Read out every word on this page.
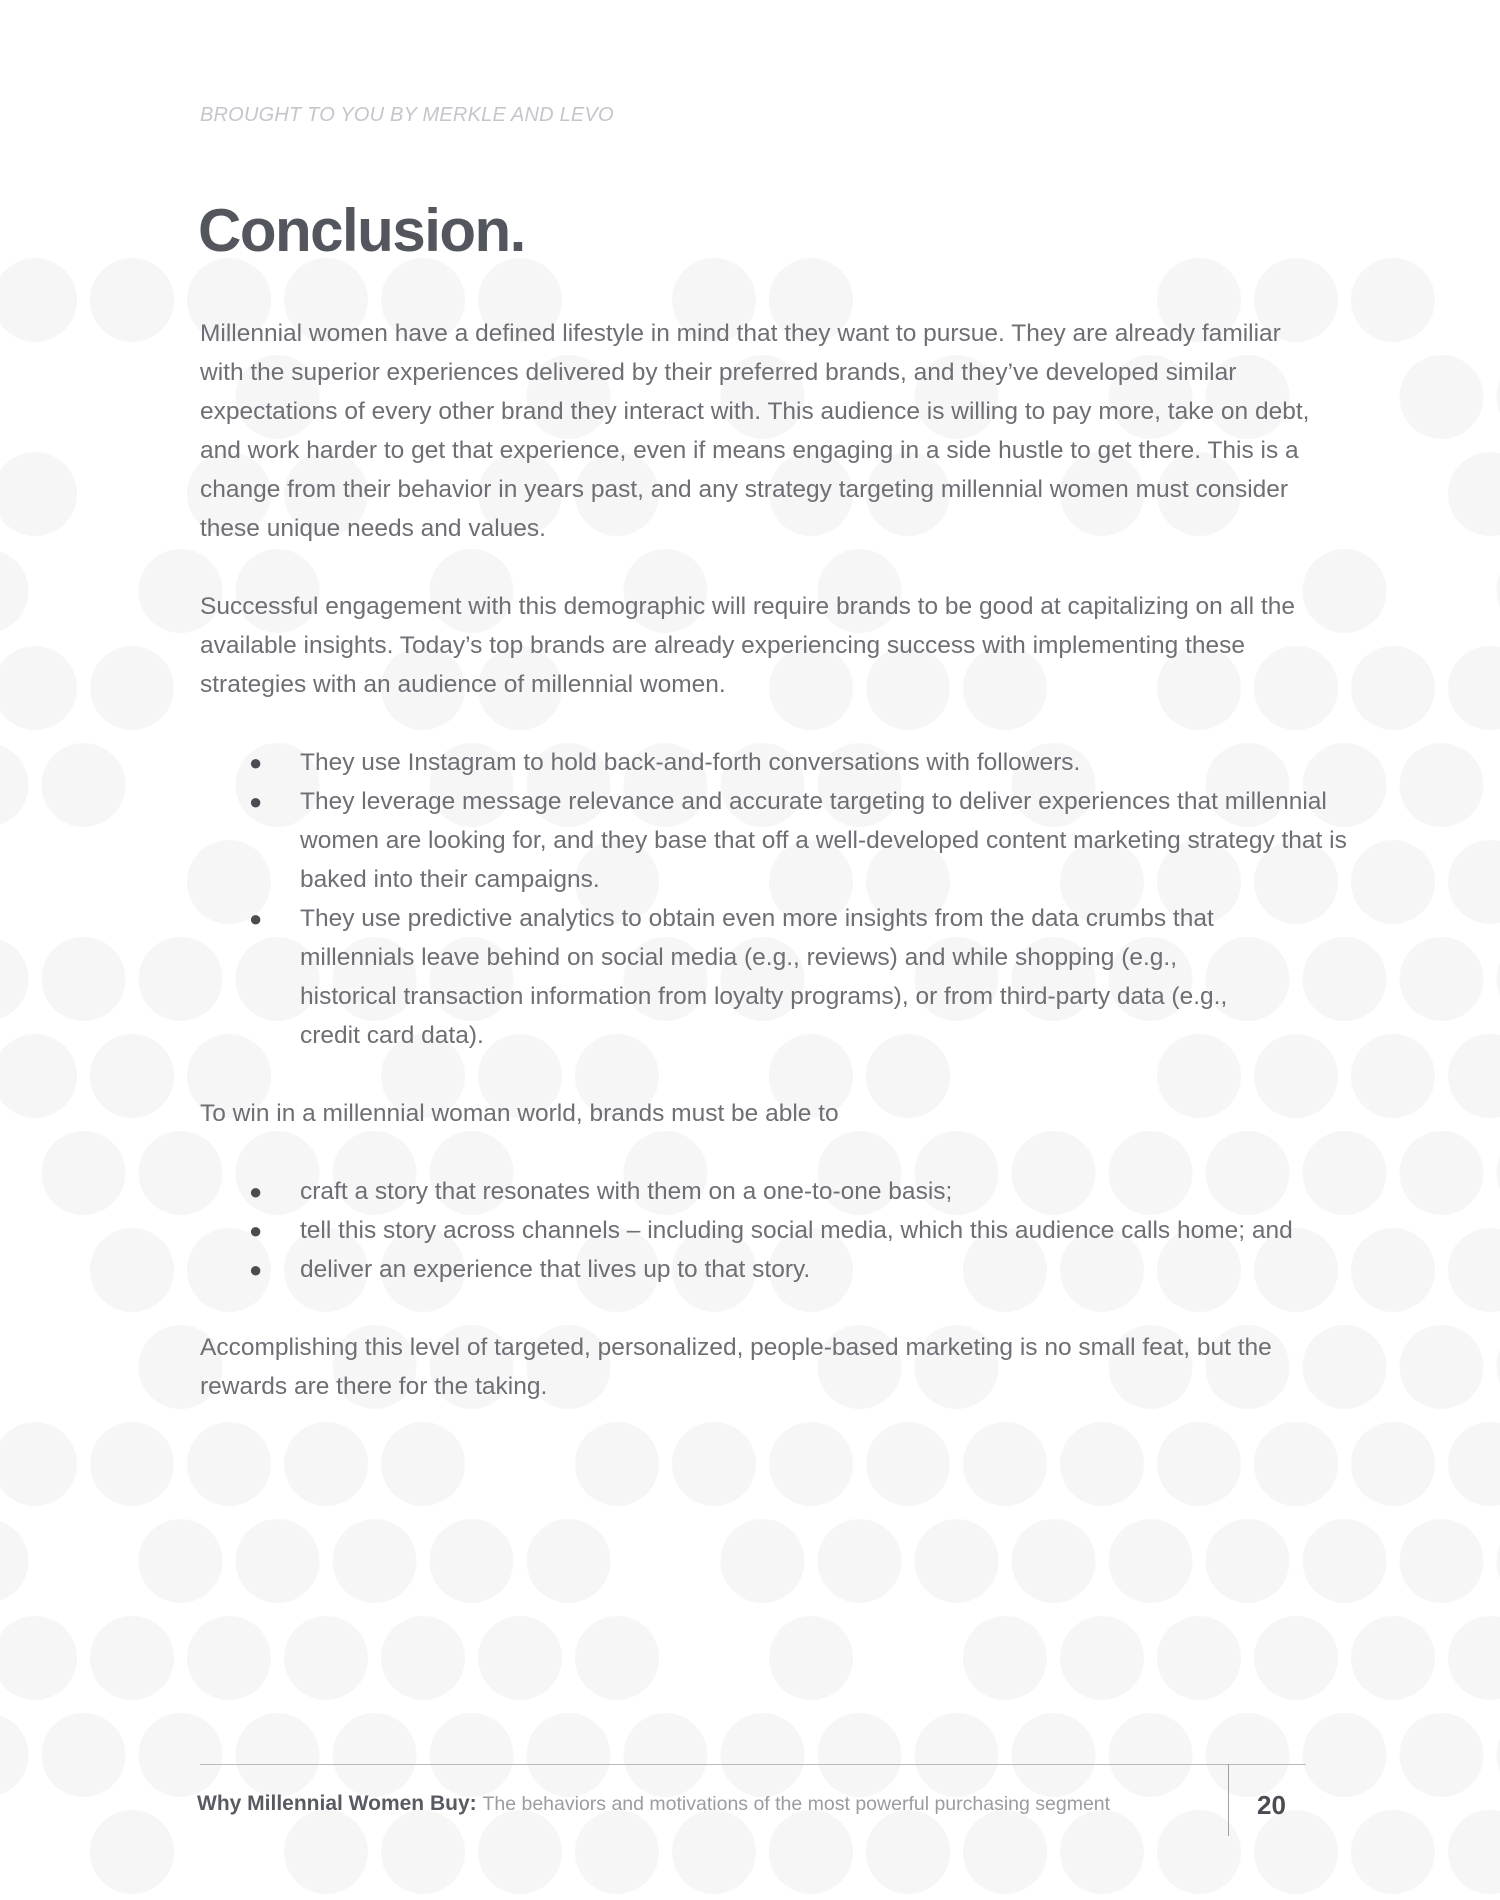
BROUGHT TO YOU BY MERKLE AND LEVO
Conclusion.

Millennial women have a defined lifestyle in mind that they want to pursue. They are already familiar with the superior experiences delivered by their preferred brands, and they’ve developed similar expectations of every other brand they interact with. This audience is willing to pay more, take on debt, and work harder to get that experience, even if means engaging in a side hustle to get there. This is a change from their behavior in years past, and any strategy targeting millennial women must consider these unique needs and values.

Successful engagement with this demographic will require brands to be good at capitalizing on all the available insights. Today’s top brands are already experiencing success with implementing these strategies with an audience of millennial women.

● They use Instagram to hold back-and-forth conversations with followers.
● They leverage message relevance and accurate targeting to deliver experiences that millennial women are looking for, and they base that off a well-developed content marketing strategy that is baked into their campaigns.
● They use predictive analytics to obtain even more insights from the data crumbs that millennials leave behind on social media (e.g., reviews) and while shopping (e.g., historical transaction information from loyalty programs), or from third-party data (e.g., credit card data).

To win in a millennial woman world, brands must be able to

● craft a story that resonates with them on a one-to-one basis;
● tell this story across channels – including social media, which this audience calls home; and
● deliver an experience that lives up to that story.

Accomplishing this level of targeted, personalized, people-based marketing is no small feat, but the rewards are there for the taking.

Why Millennial Women Buy: The behaviors and motivations of the most powerful purchasing segment	20
